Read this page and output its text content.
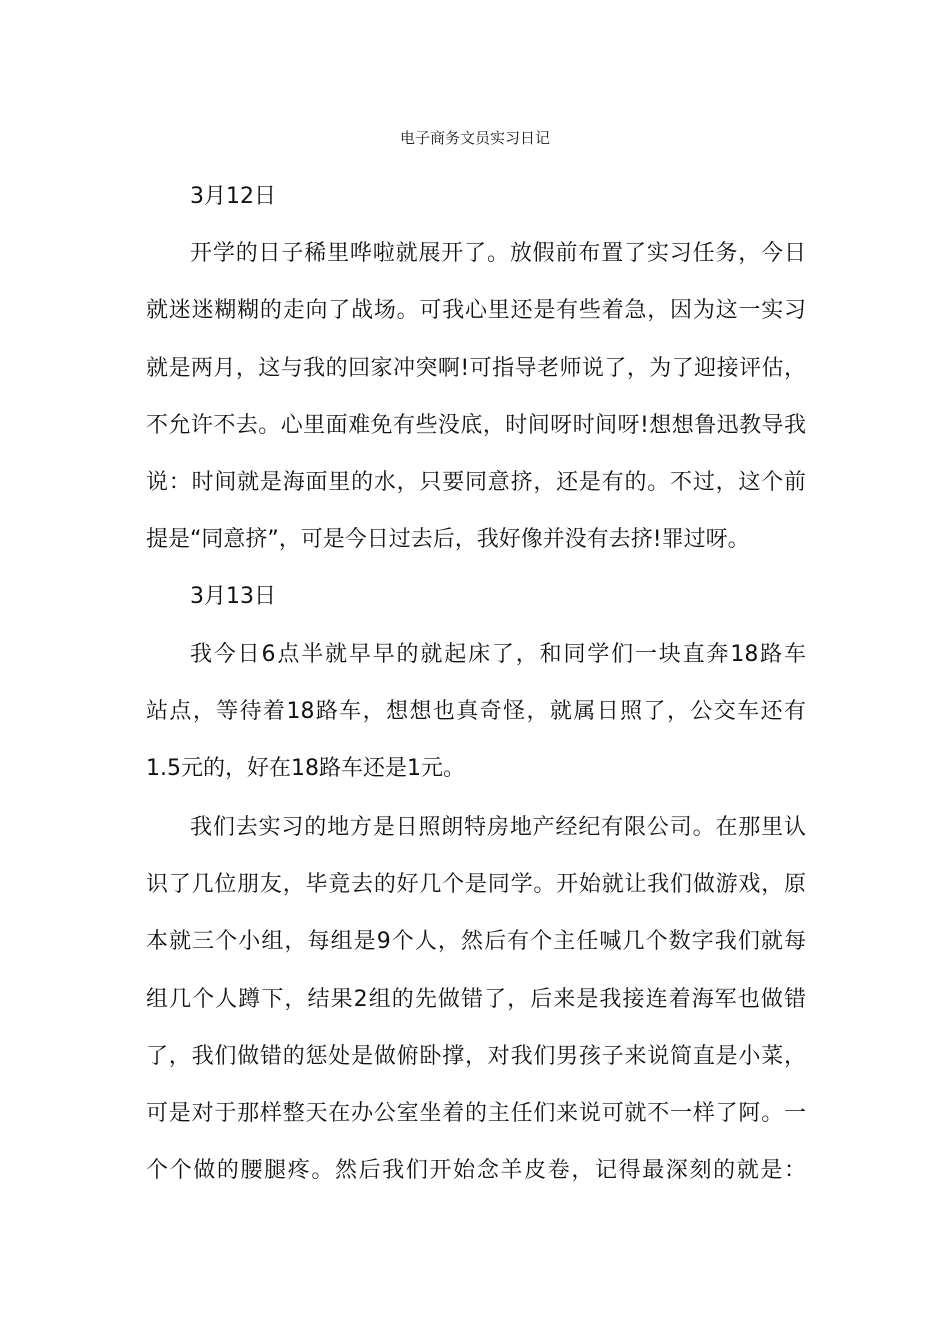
电子商务文员实习日记
3月12日
开学的日子稀里哗啦就展开了。放假前布置了实习任务，今日
就迷迷糊糊的走向了战场。可我心里还是有些着急，因为这一实习
就是两月，这与我的回家冲突啊!可指导老师说了，为了迎接评估，
不允许不去。心里面难免有些没底，时间呀时间呀!想想鲁迅教导我
说：时间就是海面里的水，只要同意挤，还是有的。不过，这个前
提是“同意挤”，可是今日过去后，我好像并没有去挤!罪过呀。
3月13日
我今日6点半就早早的就起床了，和同学们一块直奔18路车
站点，等待着18路车，想想也真奇怪，就属日照了，公交车还有
1.5元的，好在18路车还是1元。
我们去实习的地方是日照朗特房地产经纪有限公司。在那里认
识了几位朋友，毕竟去的好几个是同学。开始就让我们做游戏，原
本就三个小组，每组是9个人，然后有个主任喊几个数字我们就每
组几个人蹲下，结果2组的先做错了，后来是我接连着海军也做错
了，我们做错的惩处是做俯卧撑，对我们男孩子来说简直是小菜，
可是对于那样整天在办公室坐着的主任们来说可就不一样了阿。一
个个做的腰腿疼。然后我们开始念羊皮卷，记得最深刻的就是：
